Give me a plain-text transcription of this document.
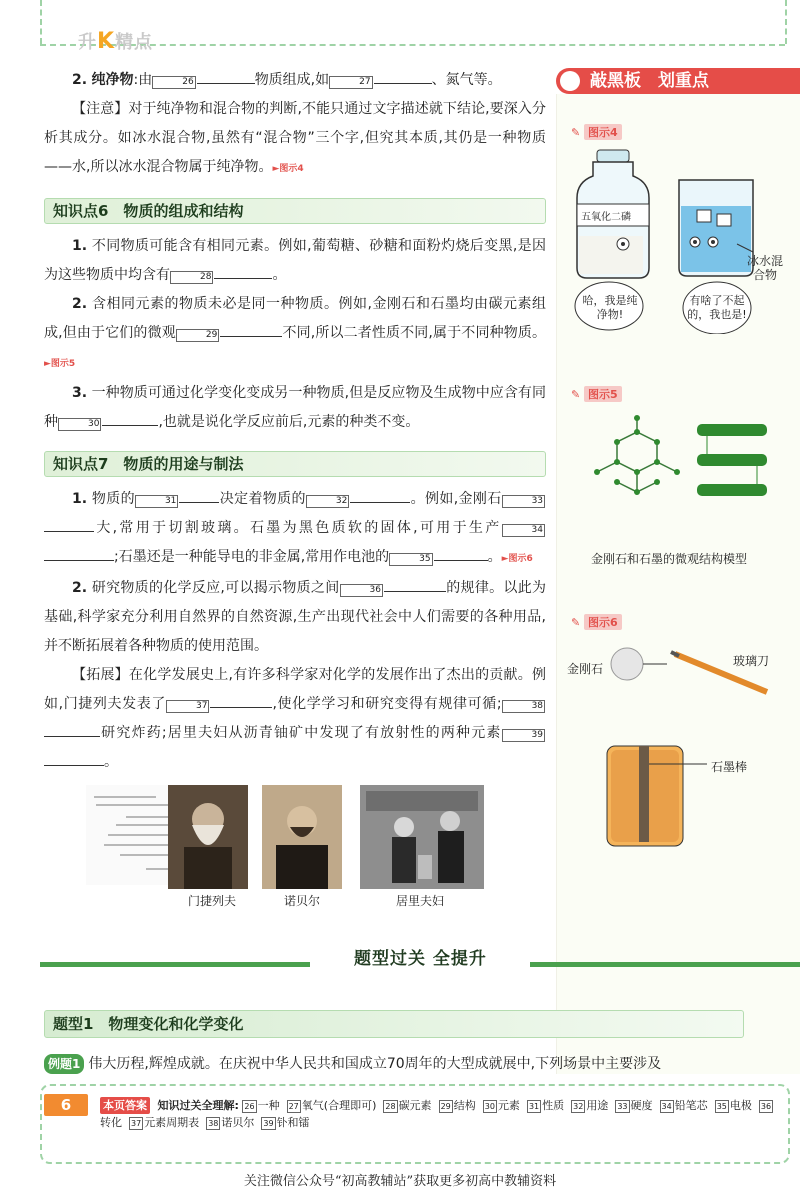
升K精点
2. 纯净物:由	26	物质组成,如	27	、氮气等。
【注意】对于纯净物和混合物的判断,不能只通过文字描述就下结论,要深入分析其成分。如冰水混合物,虽然有“混合物”三个字,但究其本质,其仍是一种物质——水,所以冰水混合物属于纯净物。►图示4
知识点6　物质的组成和结构
1. 不同物质可能含有相同元素。例如,葡萄糖、砂糖和面粉灼烧后变黑,是因为这些物质中均含有	28	。
2. 含相同元素的物质未必是同一种物质。例如,金刚石和石墨均由碳元素组成,但由于它们的微观	29	不同,所以二者性质不同,属于不同种物质。►图示5
3. 一种物质可通过化学变化变成另一种物质,但是反应物及生成物中应含有同种	30	,也就是说化学反应前后,元素的种类不变。
知识点7　物质的用途与制法
1. 物质的	31	决定着物质的	32	。例如,金刚石	33大,常用于切割玻璃。石墨为黑色质软的固体,可用于生产	34;石墨还是一种能导电的非金属,常用作电池的	35	。►图示6
2. 研究物质的化学反应,可以揭示物质之间	36	的规律。以此为基础,科学家充分利用自然界的自然资源,生产出现代社会中人们需要的各种用品,并不断拓展着各种物质的使用范围。
【拓展】在化学发展史上,有许多科学家对化学的发展作出了杰出的贡献。例如,门捷列夫发表了	37	,使化学学习和研究变得有规律可循;	38研究炸药;居里夫妇从沥青铀矿中发现了有放射性的两种元素	39。
门捷列夫	诺贝尔	居里夫妇
敲黑板　划重点
✎ 图示4
五氧化二磷
冰水混合物
哈，我是纯净物!
有啥了不起的，我也是!
✎ 图示5
金刚石和石墨的微观结构模型
✎ 图示6
金刚石
玻璃刀
石墨棒
题型过关 全提升
题型1　物理变化和化学变化
例题1 伟大历程,辉煌成就。在庆祝中华人民共和国成立70周年的大型成就展中,下列场景中主要涉及
6	本页答案 知识过关全理解: 26 一种 27 氧气(合理即可) 28 碳元素 29 结构 30 元素 31 性质 32 用途 33 硬度 34 铅笔芯 35 电极 36转化 37 元素周期表 38 诺贝尔 39 钋和镭
关注微信公众号“初高教辅站”获取更多初高中教辅资料
